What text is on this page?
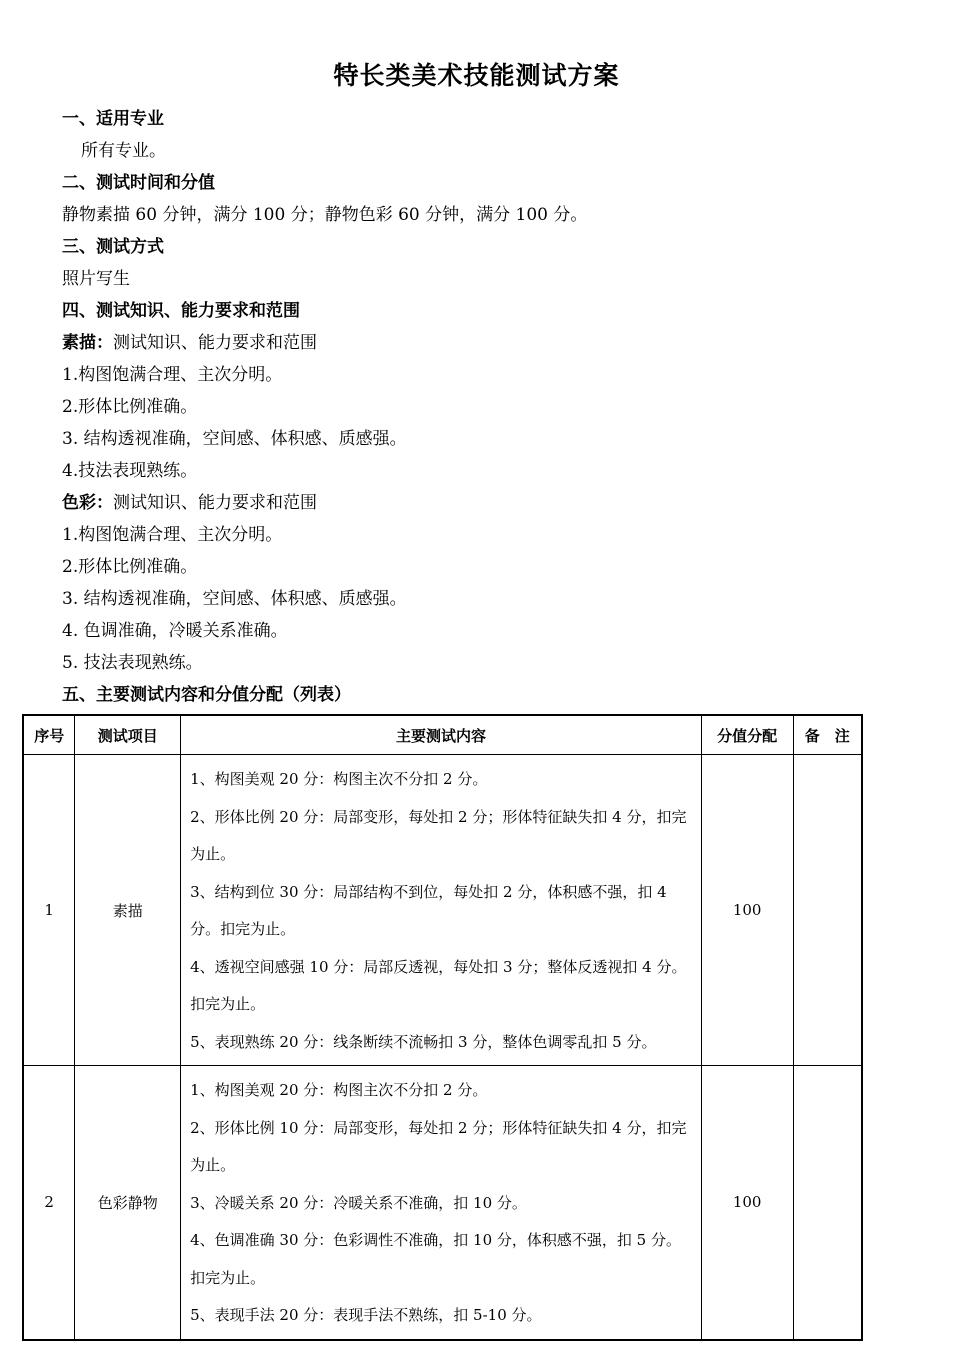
特长类美术技能测试方案
一、适用专业
所有专业。
二、测试时间和分值
静物素描 60 分钟，满分 100 分；静物色彩 60 分钟，满分 100 分。
三、测试方式
照片写生
四、测试知识、能力要求和范围
素描：测试知识、能力要求和范围
1.构图饱满合理、主次分明。
2.形体比例准确。
3. 结构透视准确，空间感、体积感、质感强。
4.技法表现熟练。
色彩：测试知识、能力要求和范围
1.构图饱满合理、主次分明。
2.形体比例准确。
3. 结构透视准确，空间感、体积感、质感强。
4. 色调准确，冷暖关系准确。
5. 技法表现熟练。
五、主要测试内容和分值分配（列表）
序号	测试项目	主要测试内容	分值分配	备　注
1	素描	1、构图美观 20 分：构图主次不分扣 2 分。
2、形体比例 20 分：局部变形，每处扣 2 分；形体特征缺失扣 4 分，扣完为止。
3、结构到位 30 分：局部结构不到位，每处扣 2 分，体积感不强，扣 4 分。扣完为止。
4、透视空间感强 10 分：局部反透视，每处扣 3 分；整体反透视扣 4 分。扣完为止。
5、表现熟练 20 分：线条断续不流畅扣 3 分，整体色调零乱扣 5 分。	100	
2	色彩静物	1、构图美观 20 分：构图主次不分扣 2 分。
2、形体比例 10 分：局部变形，每处扣 2 分；形体特征缺失扣 4 分，扣完为止。
3、冷暖关系 20 分：冷暖关系不准确，扣 10 分。
4、色调准确 30 分：色彩调性不准确，扣 10 分，体积感不强，扣 5 分。扣完为止。
5、表现手法 20 分：表现手法不熟练，扣 5-10 分。	100	
